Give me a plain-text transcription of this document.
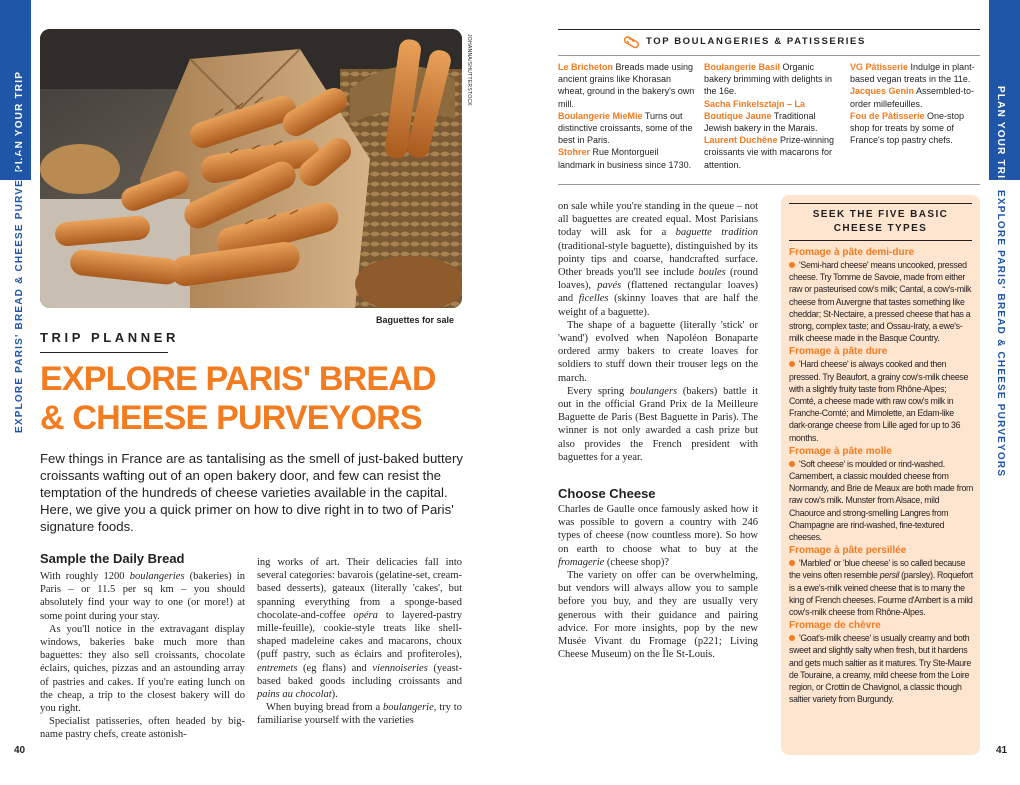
PLAN YOUR TRIP
EXPLORE PARIS' BREAD & CHEESE PURVEYORS
40
JOHANNA/SHUTTERSTOCK
Baguettes for sale
TRIP PLANNER
EXPLORE PARIS' BREAD
& CHEESE PURVEYORS
Few things in France are as tantalising as the smell of just-baked buttery croissants wafting out of an open bakery door, and few can resist the temptation of the hundreds of cheese varieties available in the capital. Here, we give you a quick primer on how to dive right in to two of Paris' signature foods.
Sample the Daily Bread

With roughly 1200 boulangeries (bakeries) in Paris – or 11.5 per sq km – you should absolutely find your way to one (or more!) at some point during your stay.

As you'll notice in the extravagant display windows, bakeries bake much more than baguettes: they also sell croissants, chocolate éclairs, quiches, pizzas and an astounding array of pastries and cakes. If you're eating lunch on the cheap, a trip to the closest bakery will do you right.

Specialist patisseries, often headed by big-name pastry chefs, create astonish-

ing works of art. Their delicacies fall into several categories: bavarois (gelatine-set, cream-based desserts), gateaux (literally 'cakes', but spanning everything from a sponge-based chocolate-and-coffee opéra to layered-pastry mille-feuille), cookie-style treats like shell-shaped madeleine cakes and macarons, choux (puff pastry, such as éclairs and profiteroles), entremets (eg flans) and viennoiseries (yeast-based baked goods including croissants and pains au chocolat).

When buying bread from a boulangerie, try to familiarise yourself with the varieties

TOP BOULANGERIES & PATISSERIES

Le Bricheton Breads made using ancient grains like Khorasan wheat, ground in the bakery's own mill.

Boulangerie MieMie Turns out distinctive croissants, some of the best in Paris.

Stohrer Rue Montorgueil landmark in business since 1730.

Boulangerie Basil Organic bakery brimming with delights in the 16e.

Sacha Finkelsztajn – La Boutique Jaune Traditional Jewish bakery in the Marais.

Laurent Duchêne Prize-winning croissants vie with macarons for attention.

VG Pâtisserie Indulge in plant-based vegan treats in the 11e.

Jacques Genin Assembled-to-order millefeuilles.

Fou de Pâtisserie One-stop shop for treats by some of France's top pastry chefs.

on sale while you're standing in the queue – not all baguettes are created equal. Most Parisians today will ask for a baguette tradition (traditional-style baguette), distinguished by its pointy tips and coarse, handcrafted surface. Other breads you'll see include boules (round loaves), pavés (flattened rectangular loaves) and ficelles (skinny loaves that are half the weight of a baguette).

The shape of a baguette (literally 'stick' or 'wand') evolved when Napoléon Bonaparte ordered army bakers to create loaves for soldiers to stuff down their trouser legs on the march.

Every spring boulangers (bakers) battle it out in the official Grand Prix de la Meilleure Baguette de Paris (Best Baguette in Paris). The winner is not only awarded a cash prize but also provides the French president with baguettes for a year.

Choose Cheese

Charles de Gaulle once famously asked how it was possible to govern a country with 246 types of cheese (now countless more). So how on earth to choose what to buy at the fromagerie (cheese shop)?

The variety on offer can be overwhelming, but vendors will always allow you to sample before you buy, and they are usually very generous with their guidance and pairing advice. For more insights, pop by the new Musée Vivant du Fromage (p221; Living Cheese Museum) on the Île St-Louis.

SEEK THE FIVE BASIC
CHEESE TYPES
Fromage à pâte demi-dure

'Semi-hard cheese' means uncooked, pressed cheese. Try Tomme de Savoie, made from either raw or pasteurised cow's milk; Cantal, a cow's-milk cheese from Auvergne that tastes something like cheddar; St-Nectaire, a pressed cheese that has a strong, complex taste; and Ossau-Iraty, a ewe's-milk cheese made in the Basque Country.

Fromage à pâte dure

'Hard cheese' is always cooked and then pressed. Try Beaufort, a grainy cow's-milk cheese with a slightly fruity taste from Rhône-Alpes; Comté, a cheese made with raw cow's milk in Franche-Comté; and Mimolette, an Edam-like dark-orange cheese from Lille aged for up to 36 months.

Fromage à pâte molle

'Soft cheese' is moulded or rind-washed. Camembert, a classic moulded cheese from Normandy, and Brie de Meaux are both made from raw cow's milk. Munster from Alsace, mild Chaource and strong-smelling Langres from Champagne are rind-washed, fine-textured cheeses.

Fromage à pâte persillée

'Marbled' or 'blue cheese' is so called because the veins often resemble persil (parsley). Roquefort is a ewe's-milk veined cheese that is to many the king of French cheeses. Fourme d'Ambert is a mild cow's-milk cheese from Rhône-Alpes.

Fromage de chèvre

'Goat's-milk cheese' is usually creamy and both sweet and slightly salty when fresh, but it hardens and gets much saltier as it matures. Try Ste-Maure de Touraine, a creamy, mild cheese from the Loire region, or Crottin de Chavignol, a classic though saltier variety from Burgundy.

PLAN YOUR TRIP
EXPLORE PARIS' BREAD & CHEESE PURVEYORS
41
